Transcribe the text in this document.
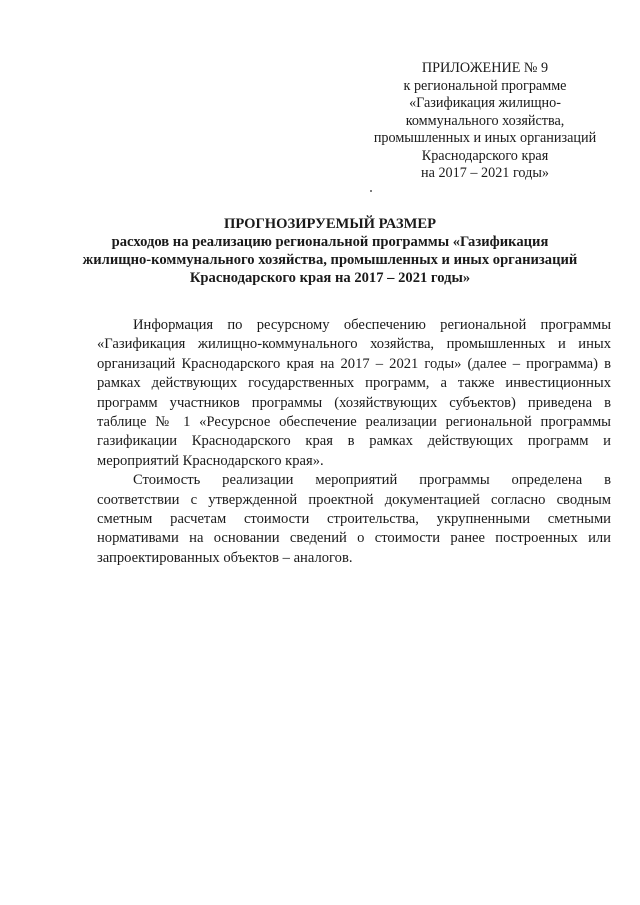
ПРИЛОЖЕНИЕ № 9
к региональной программе
«Газификация жилищно-
коммунального хозяйства,
промышленных и иных организаций
Краснодарского края
на 2017 – 2021 годы»
ПРОГНОЗИРУЕМЫЙ РАЗМЕР
расходов на реализацию региональной программы «Газификация
жилищно-коммунального хозяйства, промышленных и иных организаций
Краснодарского края на 2017 – 2021 годы»
Информация по ресурсному обеспечению региональной программы
«Газификация жилищно-коммунального хозяйства, промышленных и иных
организаций Краснодарского края на 2017 – 2021 годы» (далее – программа) в
рамках действующих государственных программ, а также инвестиционных
программ участников программы (хозяйствующих субъектов) приведена в
таблице № 1 «Ресурсное обеспечение реализации региональной программы
газификации Краснодарского края в рамках действующих программ и
мероприятий Краснодарского края».
Стоимость реализации мероприятий программы определена в
соответствии с утвержденной проектной документацией согласно сводным
сметным расчетам стоимости строительства, укрупненными сметными
нормативами на основании сведений о стоимости ранее построенных или
запроектированных объектов – аналогов.
